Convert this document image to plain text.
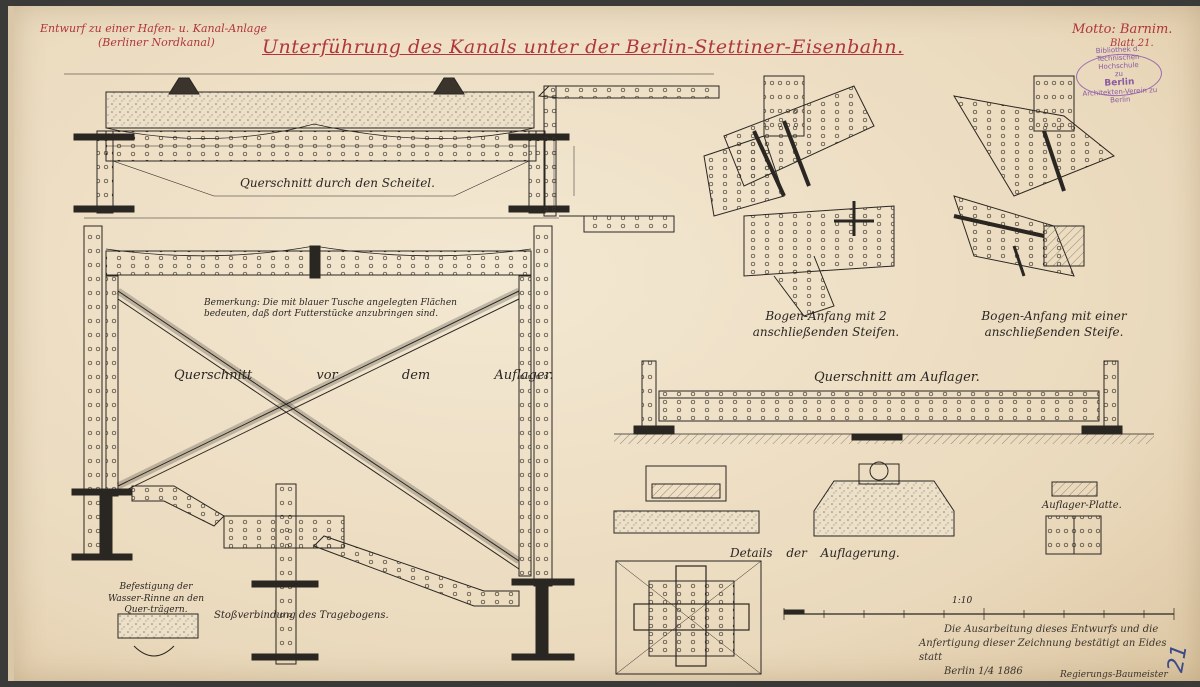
Entwurf zu einer Hafen- u. Kanal-Anlage
(Berliner Nordkanal) Unterführung des Kanals unter der Berlin-Stettiner-Eisenbahn.
Motto: Barnim.
Blatt 21.
Bibliothek d. Technischen Hochschule
zu
Berlin
Architekten-Verein zu Berlin
Querschnitt durch den Scheitel.
Bemerkung: Die mit blauer Tusche angelegten Flächen bedeuten, daß dort Futterstücke anzubringen sind.
Querschnitt vor dem Auflager.
Bogen-Anfang mit 2 anschließenden Steifen.
Bogen-Anfang mit einer anschließenden Steife.
Querschnitt am Auflager.
Details der Auflagerung.
Auflager-Platte.
Befestigung der Wasser-Rinne an den Quer-trägern.	Stoßverbindung des Tragebogens.
1:10
Die Ausarbeitung dieses Entwurfs und die
Anfertigung dieser Zeichnung bestätigt an Eides
statt
Berlin 1/4 1886	Regierungs-Baumeister
21
